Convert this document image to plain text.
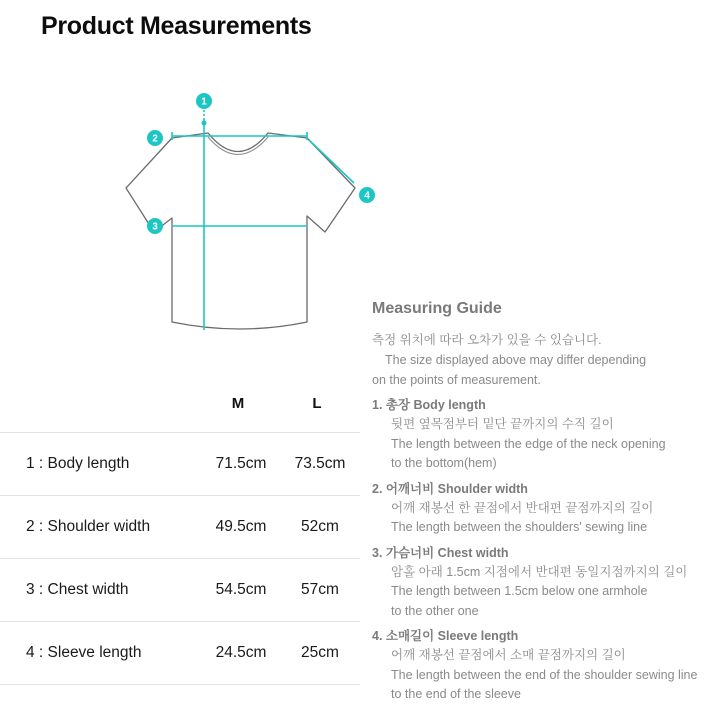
Product Measurements
1
2
3
4
M	L
1 : Body length	71.5cm	73.5cm
2 : Shoulder width	49.5cm	52cm
3 : Chest width	54.5cm	57cm
4 : Sleeve length	24.5cm	25cm
Measuring Guide
측정 위치에 따라 오차가 있을 수 있습니다.
The size displayed above may differ depending
on the points of measurement.
1. 총장 Body length
뒷편 옆목점부터 밑단 끝까지의 수직 길이
The length between the edge of the neck opening
to the bottom(hem)
2. 어깨너비 Shoulder width
어깨 재봉선 한 끝점에서 반대편 끝점까지의 길이
The length between the shoulders' sewing line
3. 가슴너비 Chest width
암홀 아래 1.5cm 지점에서 반대편 동일지점까지의 길이
The length between 1.5cm below one armhole
to the other one
4. 소매길이 Sleeve length
어깨 재봉선 끝점에서 소매 끝점까지의 길이
The length between the end of the shoulder sewing line
to the end of the sleeve
